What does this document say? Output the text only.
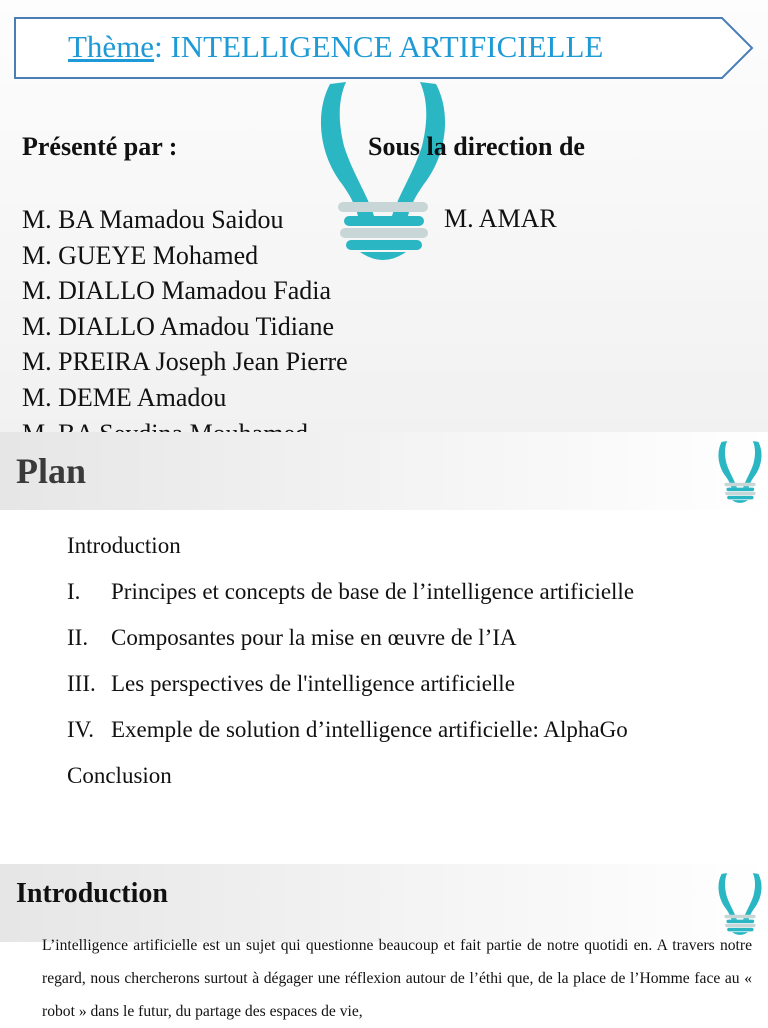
Thème: INTELLIGENCE ARTIFICIELLE
Présenté par :	Sous la direction de
M. AMAR
M. BA Mamadou Saidou
M. GUEYE Mohamed
M. DIALLO Mamadou Fadia
M. DIALLO Amadou Tidiane
M. PREIRA Joseph Jean Pierre
M. DEME Amadou
Plan
Introduction
I. Principes et concepts de base de l’intelligence artificielle
II. Composantes pour la mise en œuvre de l’IA
III. Les perspectives de l'intelligence artificielle
IV. Exemple de solution d’intelligence artificielle: AlphaGo
Conclusion
Introduction

L’intelligence artificielle est un sujet qui questionne beaucoup et fait partie de notre quotidi en. A travers notre regard, nous chercherons surtout à dégager une réflexion autour de l’éthi que, de la place de l’Homme face au « robot » dans le futur, du partage des espaces de vie,
